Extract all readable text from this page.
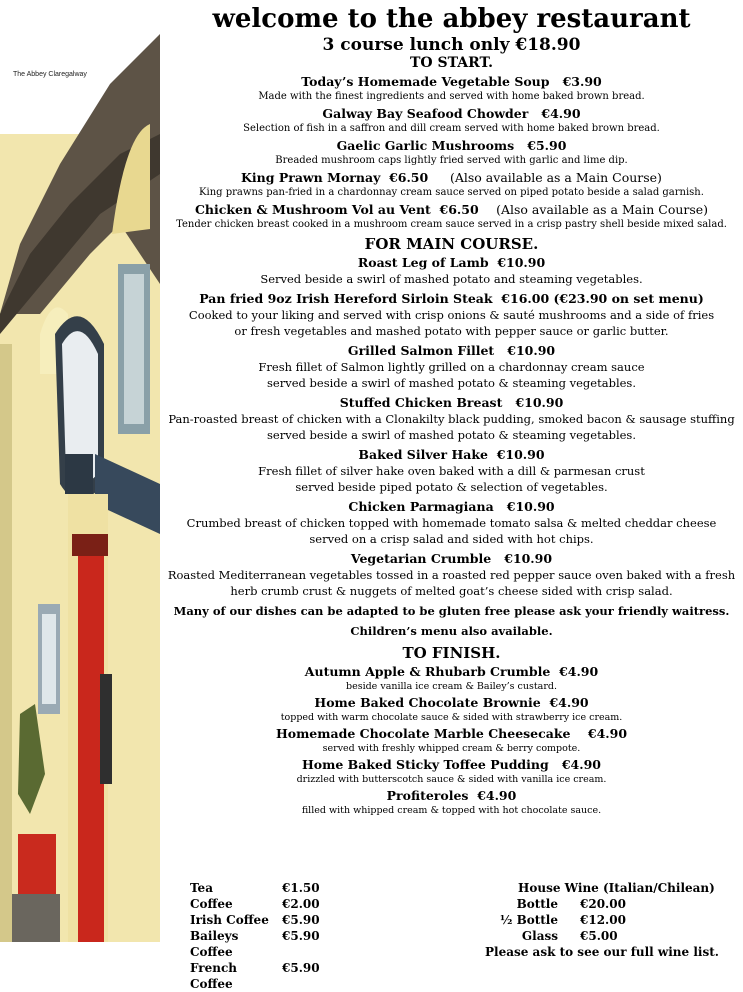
The Abbey Claregalway
welcome to the abbey restaurant
3 course lunch only €18.90
TO START.
Today’s Homemade Vegetable Soup €3.90
Made with the finest ingredients and served with home baked brown bread.
Galway Bay Seafood Chowder €4.90
Selection of fish in a saffron and dill cream served with home baked brown bread.
Gaelic Garlic Mushrooms €5.90
Breaded mushroom caps lightly fried served with garlic and lime dip.
King Prawn Mornay €6.50 (Also available as a Main Course)
King prawns pan-fried in a chardonnay cream sauce served on piped potato beside a salad garnish.
Chicken & Mushroom Vol au Vent €6.50 (Also available as a Main Course)
Tender chicken breast cooked in a mushroom cream sauce served in a crisp pastry shell beside mixed salad.
FOR MAIN COURSE.
Roast Leg of Lamb €10.90
Served beside a swirl of mashed potato and steaming vegetables.
Pan fried 9oz Irish Hereford Sirloin Steak €16.00 (€23.90 on set menu)
Cooked to your liking and served with crisp onions & sauté mushrooms and a side of fries
or fresh vegetables and mashed potato with pepper sauce or garlic butter.
Grilled Salmon Fillet €10.90
Fresh fillet of Salmon lightly grilled on a chardonnay cream sauce
served beside a swirl of mashed potato & steaming vegetables.
Stuffed Chicken Breast €10.90
Pan-roasted breast of chicken with a Clonakilty black pudding, smoked bacon & sausage stuffing
served beside a swirl of mashed potato & steaming vegetables.
Baked Silver Hake €10.90
Fresh fillet of silver hake oven baked with a dill & parmesan crust
served beside piped potato & selection of vegetables.
Chicken Parmagiana €10.90
Crumbed breast of chicken topped with homemade tomato salsa & melted cheddar cheese
served on a crisp salad and sided with hot chips.
Vegetarian Crumble €10.90
Roasted Mediterranean vegetables tossed in a roasted red pepper sauce oven baked with a fresh
herb crumb crust & nuggets of melted goat’s cheese sided with crisp salad.
Many of our dishes can be adapted to be gluten free please ask your friendly waitress.
Children’s menu also available.
TO FINISH.
Autumn Apple & Rhubarb Crumble €4.90
beside vanilla ice cream & Bailey’s custard.
Home Baked Chocolate Brownie €4.90
topped with warm chocolate sauce & sided with strawberry ice cream.
Homemade Chocolate Marble Cheesecake €4.90
served with freshly whipped cream & berry compote.
Home Baked Sticky Toffee Pudding €4.90
drizzled with butterscotch sauce & sided with vanilla ice cream.
Profiteroles €4.90
filled with whipped cream & topped with hot chocolate sauce.
Tea	€1.50
Coffee	€2.00
Irish Coffee	€5.90
Baileys Coffee
€5.90
French Coffee
€5.90
House Wine (Italian/Chilean)
Bottle €20.00
½ Bottle €12.00
Glass €5.00
Please ask to see our full wine list.
